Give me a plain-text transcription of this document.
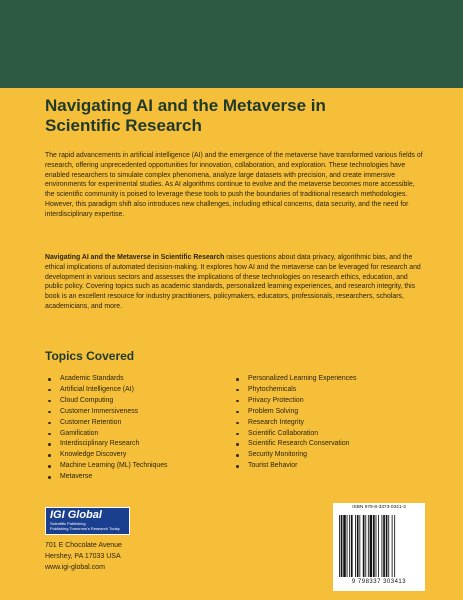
Navigating AI and the Metaverse in Scientific Research

The rapid advancements in artificial intelligence (AI) and the emergence of the metaverse have transformed various fields of research, offering unprecedented opportunities for innovation, collaboration, and exploration. These technologies have enabled researchers to simulate complex phenomena, analyze large datasets with precision, and create immersive environments for experimental studies. As AI algorithms continue to evolve and the metaverse becomes more accessible, the scientific community is poised to leverage these tools to push the boundaries of traditional research methodologies. However, this paradigm shift also introduces new challenges, including ethical concerns, data security, and the need for interdisciplinary expertise.

Navigating AI and the Metaverse in Scientific Research raises questions about data privacy, algorithmic bias, and the ethical implications of automated decision-making. It explores how AI and the metaverse can be leveraged for research and development in various sectors and assesses the implications of these technologies on research ethics, education, and public policy. Covering topics such as academic standards, personalized learning experiences, and research integrity, this book is an excellent resource for industry practitioners, policymakers, educators, professionals, researchers, scholars, academicians, and more.

Topics Covered
Academic Standards
Artificial Intelligence (AI)
Cloud Computing
Customer Immersiveness
Customer Retention
Gamification
Interdisciplinary Research
Knowledge Discovery
Machine Learning (ML) Techniques
Metaverse
Personalized Learning Experiences
Phytochemicals
Privacy Protection
Problem Solving
Research Integrity
Scientific Collaboration
Scientific Research Conservation
Security Monitoring
Tourist Behavior
IGI Global
Scientific Publishing
Publishing Tomorrow's Research Today
701 E Chocolate Avenue
Hershey, PA 17033 USA
www.igi-global.com
ISBN 979-8-3373-0341-3
9 798337 303413
